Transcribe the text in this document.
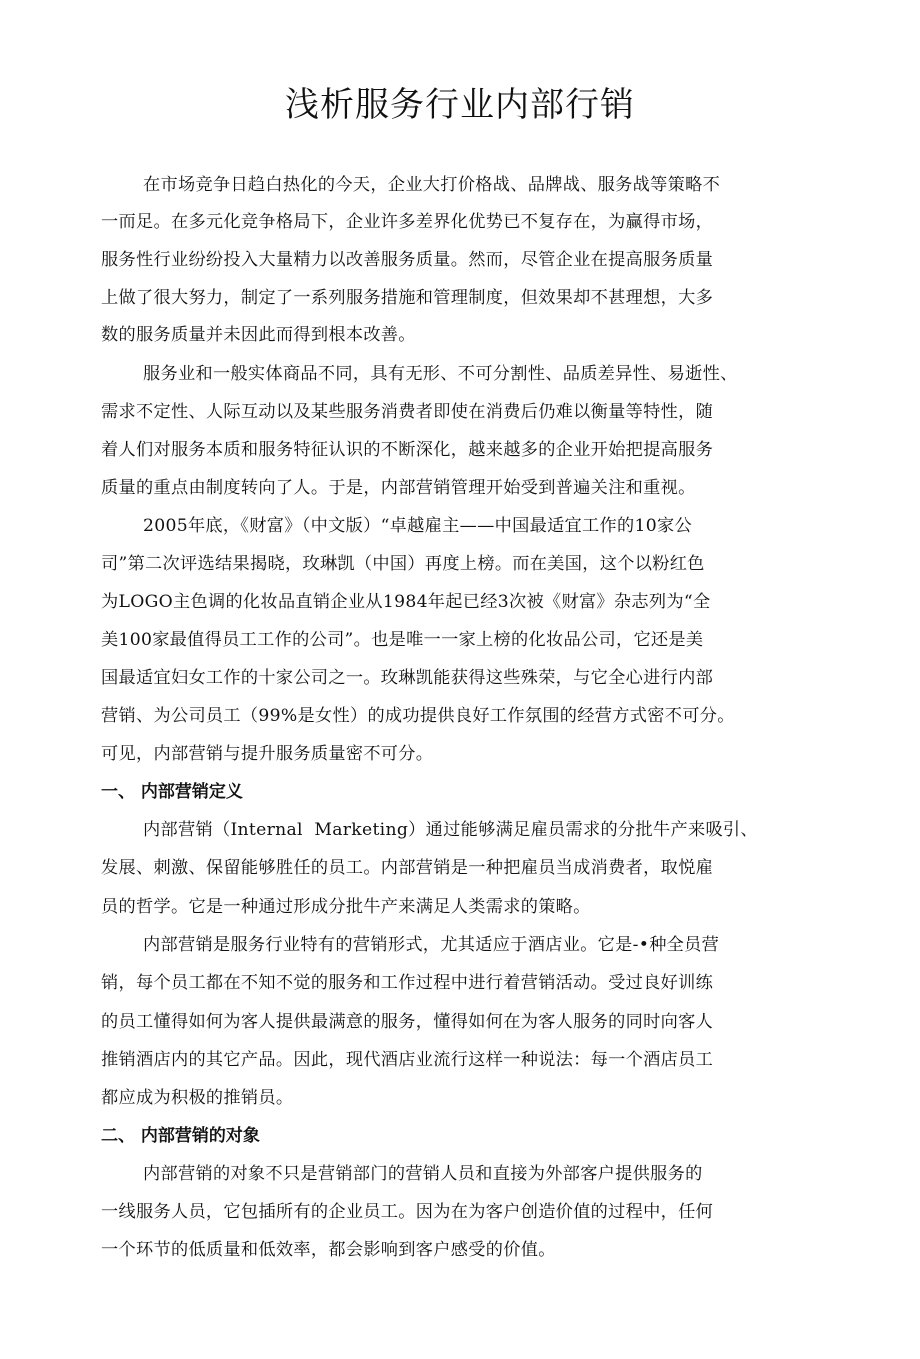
浅析服务行业内部行销
在市场竞争日趋白热化的今天，企业大打价格战、品牌战、服务战等策略不
一而足。在多元化竞争格局下，企业许多差界化优势已不复存在，为赢得市场，
服务性行业纷纷投入大量精力以改善服务质量。然而，尽管企业在提高服务质量
上做了很大努力，制定了一系列服务措施和管理制度，但效果却不甚理想，大多
数的服务质量并未因此而得到根本改善。
服务业和一般实体商品不同，具有无形、不可分割性、品质差异性、易逝性、
需求不定性、人际互动以及某些服务消费者即使在消费后仍难以衡量等特性，随
着人们对服务本质和服务特征认识的不断深化，越来越多的企业开始把提高服务
质量的重点由制度转向了人。于是，内部营销管理开始受到普遍关注和重视。
2005年底，《财富》（中文版）“卓越雇主——中国最适宜工作的10家公
司”第二次评选结果揭晓，玫琳凯（中国）再度上榜。而在美国，这个以粉红色
为LOGO主色调的化妆品直销企业从1984年起已经3次被《财富》杂志列为“全
美100家最值得员工工作的公司”。也是唯一一家上榜的化妆品公司，它还是美
国最适宜妇女工作的十家公司之一。玫琳凯能获得这些殊荣，与它全心进行内部
营销、为公司员工（99%是女性）的成功提供良好工作氛围的经营方式密不可分。
可见，内部营销与提升服务质量密不可分。
一、 内部营销定义
内部营销（Internal  Marketing）通过能够满足雇员需求的分批牛产来吸引、
发展、刺激、保留能够胜任的员工。内部营销是一种把雇员当成消费者，取悦雇
员的哲学。它是一种通过形成分批牛产来满足人类需求的策略。
内部营销是服务行业特有的营销形式，尤其适应于酒店业。它是-•种全员营
销，每个员工都在不知不觉的服务和工作过程中进行着营销活动。受过良好训练
的员工懂得如何为客人提供最满意的服务，懂得如何在为客人服务的同时向客人
推销酒店内的其它产品。因此，现代酒店业流行这样一种说法：每一个酒店员工
都应成为积极的推销员。
二、 内部营销的对象
内部营销的对象不只是营销部门的营销人员和直接为外部客户提供服务的
一线服务人员，它包插所有的企业员工。因为在为客户创造价值的过程中，任何
一个环节的低质量和低效率，都会影响到客户感受的价值。
